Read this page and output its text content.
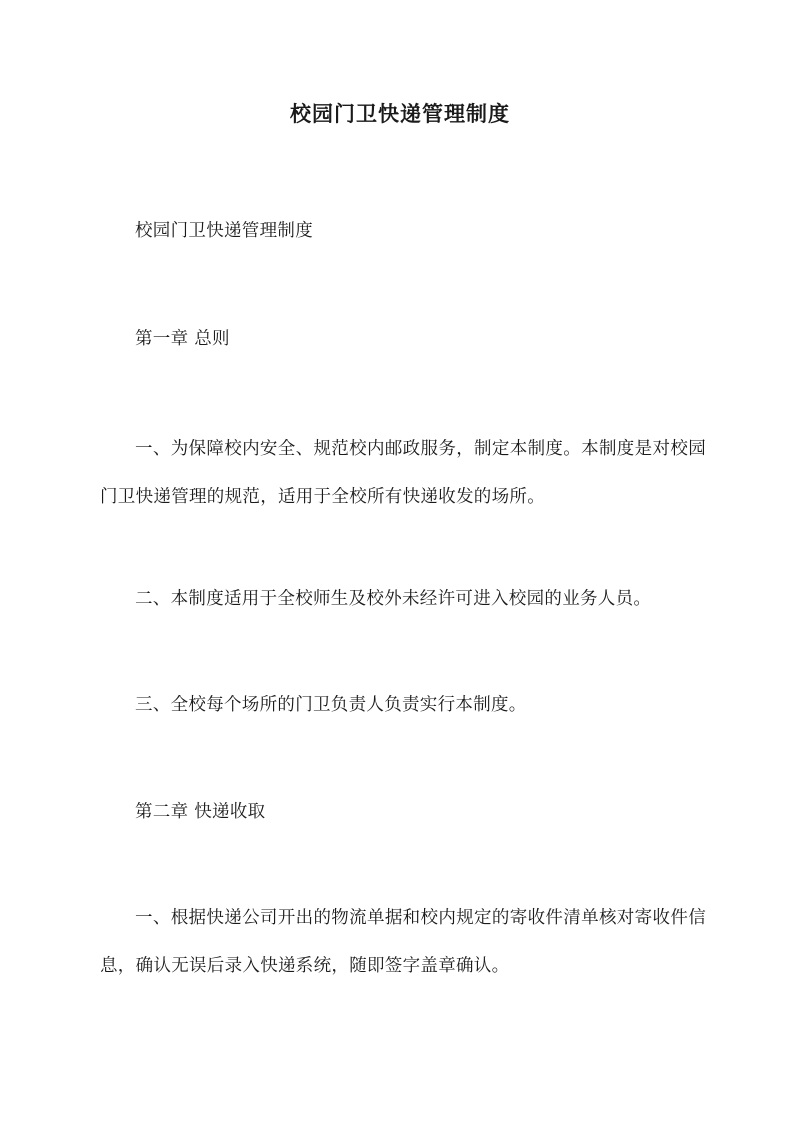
校园门卫快递管理制度

校园门卫快递管理制度

第一章 总则

一、为保障校内安全、规范校内邮政服务，制定本制度。本制度是对校园门卫快递管理的规范，适用于全校所有快递收发的场所。

二、本制度适用于全校师生及校外未经许可进入校园的业务人员。

三、全校每个场所的门卫负责人负责实行本制度。

第二章 快递收取

一、根据快递公司开出的物流单据和校内规定的寄收件清单核对寄收件信息，确认无误后录入快递系统，随即签字盖章确认。
